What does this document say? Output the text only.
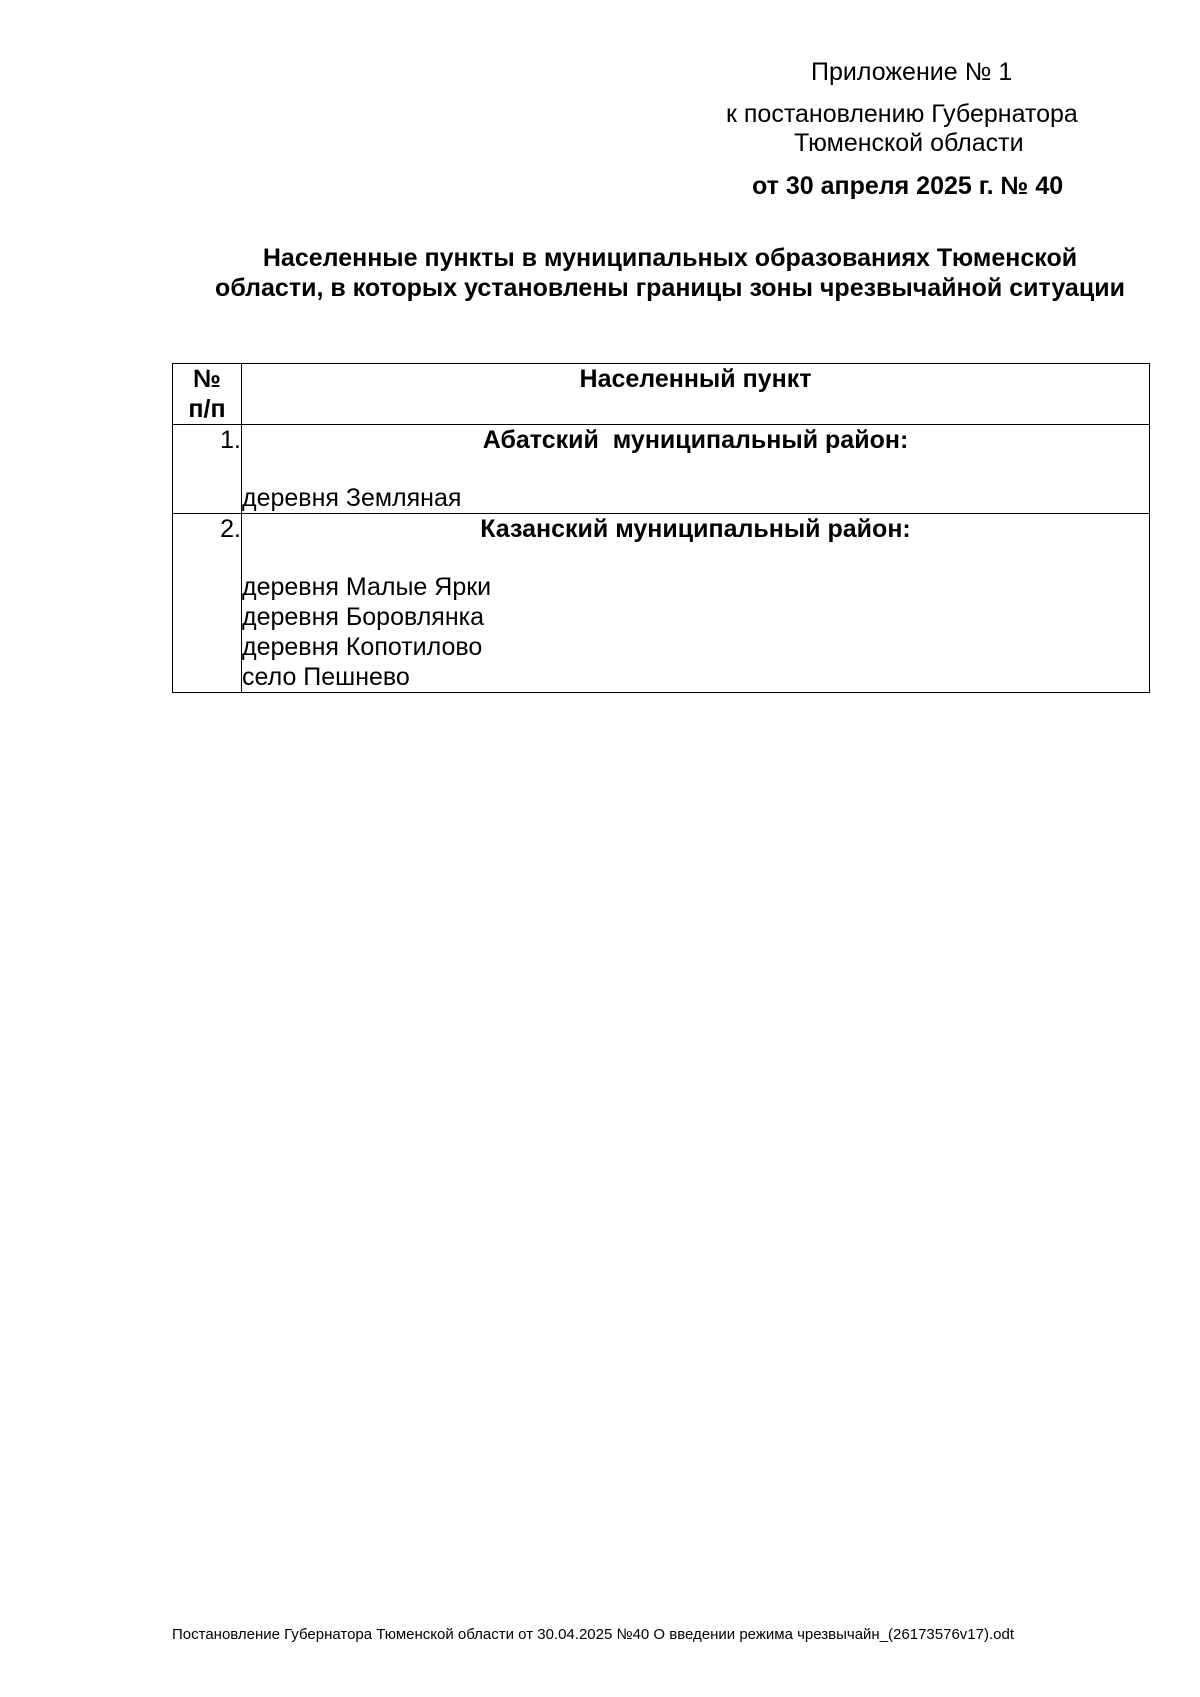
Приложение № 1
к постановлению Губернатора
Тюменской области
от 30 апреля 2025 г. № 40
Населенные пункты в муниципальных образованиях Тюменской
области, в которых установлены границы зоны чрезвычайной ситуации
№
п/п	Населенный пункт
1.	Абатский  муниципальный район:
деревня Земляная

2.	Казанский муниципальный район:
деревня Малые Ярки
деревня Боровлянка
деревня Копотилово
село Пешнево
Постановление Губернатора Тюменской области от 30.04.2025 №40 О введении режима чрезвычайн_(26173576v17).odt
